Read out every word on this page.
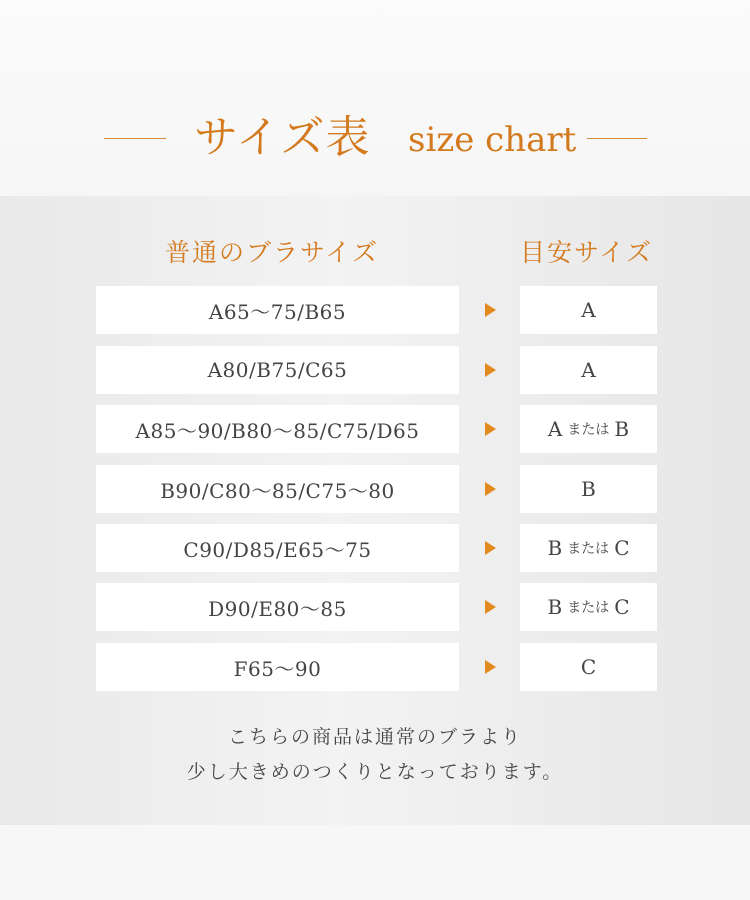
サイズ表 size chart
普通のブラサイズ	目安サイズ
A65～75/B65	A
A80/B75/C65	A
A85～90/B80～85/C75/D65	A または B
B90/C80～85/C75～80	B
C90/D85/E65～75	B または C
D90/E80～85	B または C
F65～90	C
こちらの商品は通常のブラより
少し大きめのつくりとなっております。
